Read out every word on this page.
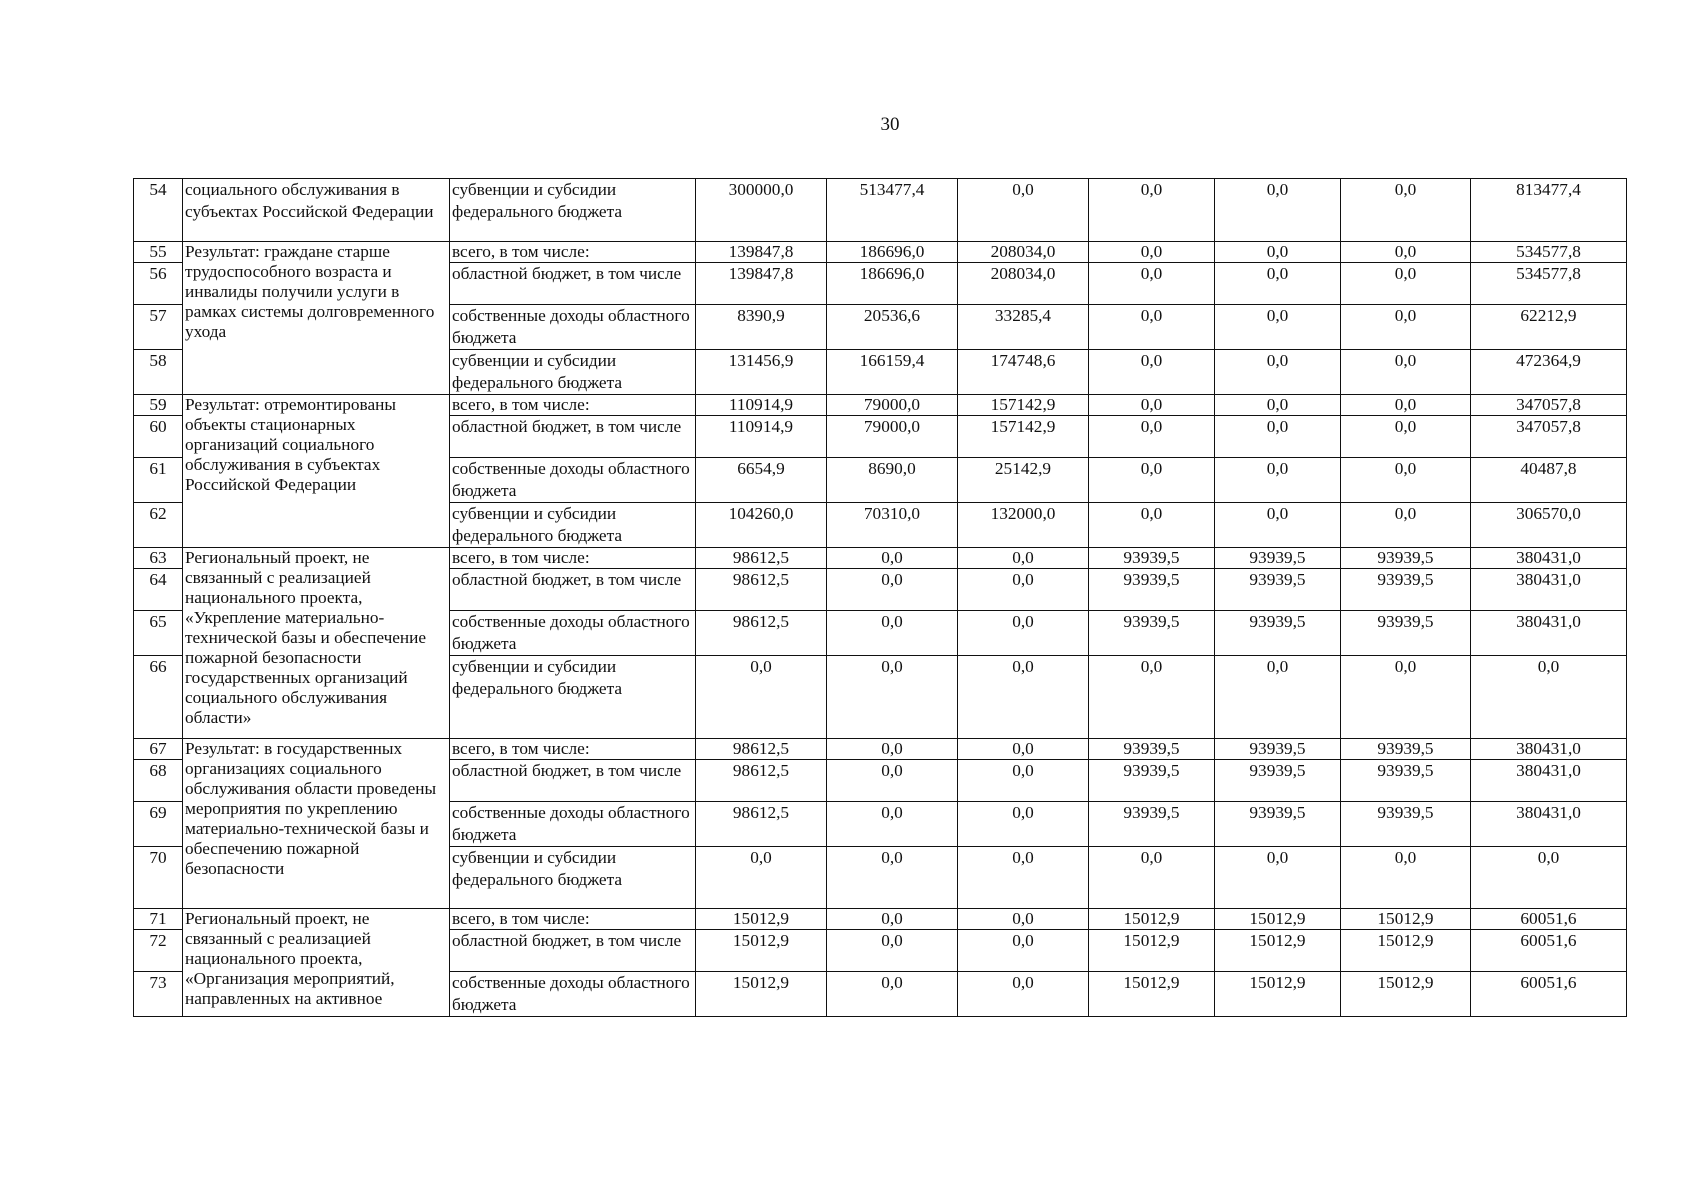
30
54	социального обслуживания в субъектах Российской Федерации	субвенции и субсидии федерального бюджета	300000,0	513477,4	0,0	0,0	0,0	0,0	813477,4
55	Результат: граждане старше трудоспособного возраста и инвалиды получили услуги в рамках системы долговременного ухода	всего, в том числе:	139847,8	186696,0	208034,0	0,0	0,0	0,0	534577,8
56		областной бюджет, в том числе	139847,8	186696,0	208034,0	0,0	0,0	0,0	534577,8
57		собственные доходы областного бюджета	8390,9	20536,6	33285,4	0,0	0,0	0,0	62212,9
58		субвенции и субсидии федерального бюджета	131456,9	166159,4	174748,6	0,0	0,0	0,0	472364,9
59	Результат: отремонтированы объекты стационарных организаций социального обслуживания в субъектах Российской Федерации	всего, в том числе:	110914,9	79000,0	157142,9	0,0	0,0	0,0	347057,8
60		областной бюджет, в том числе	110914,9	79000,0	157142,9	0,0	0,0	0,0	347057,8
61		собственные доходы областного бюджета	6654,9	8690,0	25142,9	0,0	0,0	0,0	40487,8
62		субвенции и субсидии федерального бюджета	104260,0	70310,0	132000,0	0,0	0,0	0,0	306570,0
63	Региональный проект, не связанный с реализацией национального проекта, «Укрепление материально-технической базы и обеспечение пожарной безопасности государственных организаций социального обслуживания области»	всего, в том числе:	98612,5	0,0	0,0	93939,5	93939,5	93939,5	380431,0
64		областной бюджет, в том числе	98612,5	0,0	0,0	93939,5	93939,5	93939,5	380431,0
65		собственные доходы областного бюджета	98612,5	0,0	0,0	93939,5	93939,5	93939,5	380431,0
66		субвенции и субсидии федерального бюджета	0,0	0,0	0,0	0,0	0,0	0,0	0,0
67	Результат: в государственных организациях социального обслуживания области проведены мероприятия по укреплению материально-технической базы и обеспечению пожарной безопасности	всего, в том числе:	98612,5	0,0	0,0	93939,5	93939,5	93939,5	380431,0
68		областной бюджет, в том числе	98612,5	0,0	0,0	93939,5	93939,5	93939,5	380431,0
69		собственные доходы областного бюджета	98612,5	0,0	0,0	93939,5	93939,5	93939,5	380431,0
70		субвенции и субсидии федерального бюджета	0,0	0,0	0,0	0,0	0,0	0,0	0,0
71	Региональный проект, не связанный с реализацией национального проекта, «Организация мероприятий, направленных на активное	всего, в том числе:	15012,9	0,0	0,0	15012,9	15012,9	15012,9	60051,6
72		областной бюджет, в том числе	15012,9	0,0	0,0	15012,9	15012,9	15012,9	60051,6
73		собственные доходы областного бюджета	15012,9	0,0	0,0	15012,9	15012,9	15012,9	60051,6
